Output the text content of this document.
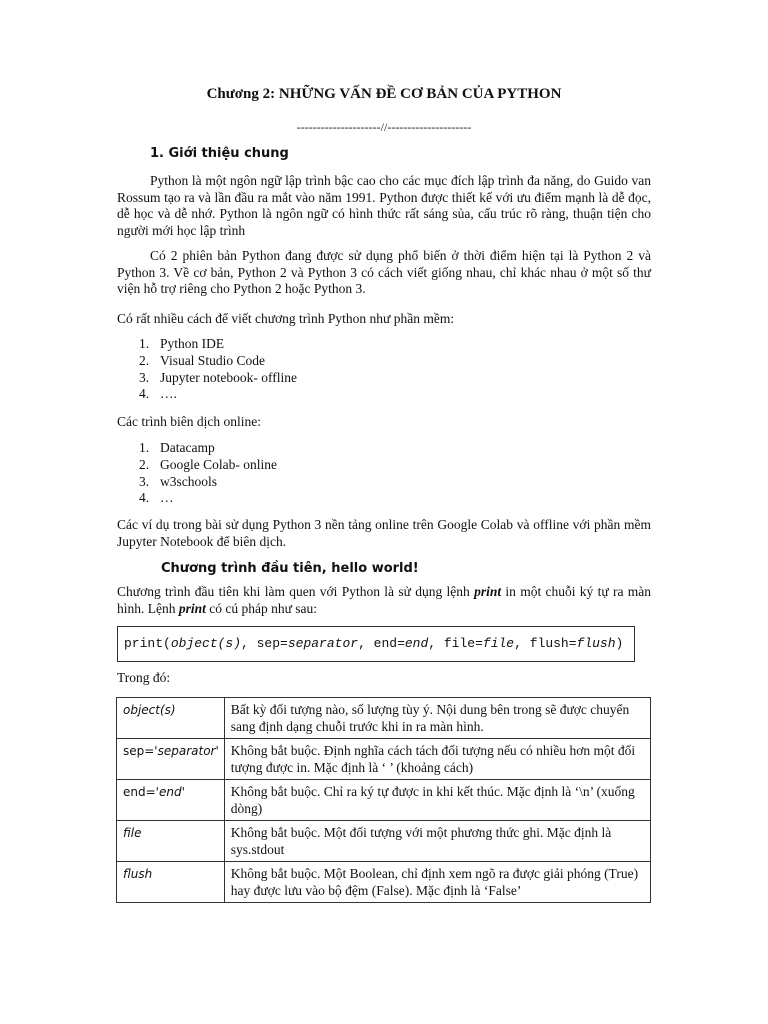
Chương 2: NHỮNG VẤN ĐỀ CƠ BẢN CỦA PYTHON
---------------------//---------------------
1. Giới thiệu chung
Python là một ngôn ngữ lập trình bậc cao cho các mục đích lập trình đa năng, do Guido van Rossum tạo ra và lần đầu ra mắt vào năm 1991. Python được thiết kế với ưu điểm mạnh là dễ đọc, dễ học và dễ nhớ. Python là ngôn ngữ có hình thức rất sáng sủa, cấu trúc rõ ràng, thuận tiện cho người mới học lập trình
Có 2 phiên bản Python đang được sử dụng phổ biến ở thời điểm hiện tại là Python 2 và Python 3. Về cơ bản, Python 2 và Python 3 có cách viết giống nhau, chỉ khác nhau ở một số thư viện hỗ trợ riêng cho Python 2 hoặc Python 3.
Có rất nhiều cách để viết chương trình Python như phần mềm:
1. Python IDE
2. Visual Studio Code
3. Jupyter notebook- offline
4. ….
Các trình biên dịch online:
1. Datacamp
2. Google Colab- online
3. w3schools
4. …
Các ví dụ trong bài sử dụng Python 3 nền tảng online trên Google Colab và offline với phần mềm Jupyter Notebook để biên dịch.
Chương trình đầu tiên, hello world!
Chương trình đầu tiên khi làm quen với Python là sử dụng lệnh print in một chuỗi ký tự ra màn hình. Lệnh print có cú pháp như sau:
print(object(s), sep=separator, end=end, file=file, flush=flush)
Trong đó:
object(s)	Bất kỳ đối tượng nào, số lượng tùy ý. Nội dung bên trong sẽ được chuyển sang định dạng chuỗi trước khi in ra màn hình.
sep='separator'	Không bắt buộc. Định nghĩa cách tách đối tượng nếu có nhiều hơn một đối tượng được in. Mặc định là ‘ ’ (khoảng cách)
end='end'	Không bắt buộc. Chỉ ra ký tự được in khi kết thúc. Mặc định là ‘\n’ (xuống dòng)
file	Không bắt buộc. Một đối tượng với một phương thức ghi. Mặc định là sys.stdout
flush	Không bắt buộc. Một Boolean, chỉ định xem ngõ ra được giải phóng (True) hay được lưu vào bộ đệm (False). Mặc định là ‘False’
